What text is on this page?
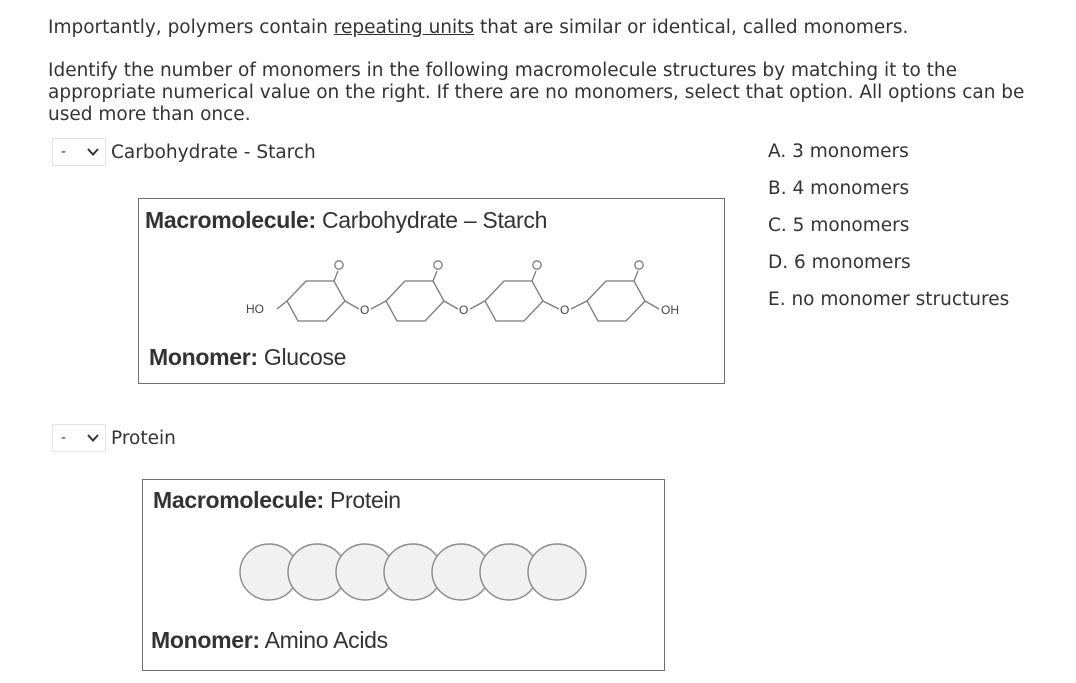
Importantly, polymers contain repeating units that are similar or identical, called monomers.

Identify the number of monomers in the following macromolecule structures by matching it to the appropriate numerical value on the right. If there are no monomers, select that option. All options can be used more than once.

- Carbohydrate - Starch
Macromolecule: Carbohydrate – Starch
HO	O	O	O	OH
Monomer: Glucose
- Protein
Macromolecule: Protein
Monomer: Amino Acids
A. 3 monomers
B. 4 monomers
C. 5 monomers
D. 6 monomers
E. no monomer structures
